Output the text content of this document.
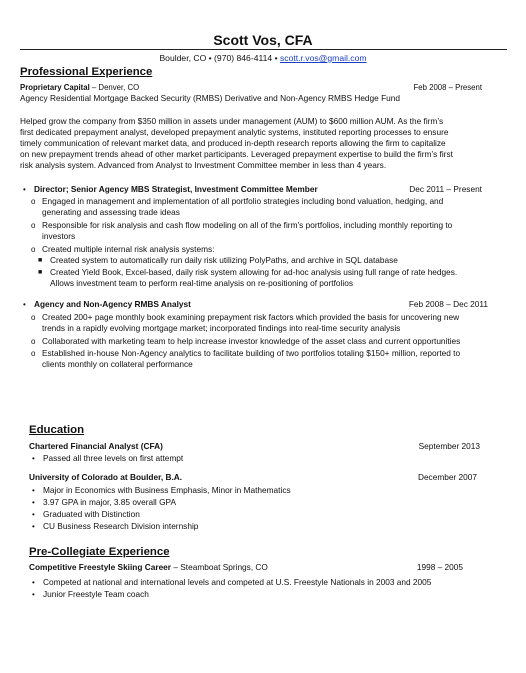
Scott Vos, CFA
Boulder, CO • (970) 846-4114 • scott.r.vos@gmail.com
Professional Experience
Proprietary Capital – Denver, CO	Feb 2008 – Present
Agency Residential Mortgage Backed Security (RMBS) Derivative and Non-Agency RMBS Hedge Fund
Helped grow the company from $350 million in assets under management (AUM) to $600 million AUM. As the firm’s
first dedicated prepayment analyst, developed prepayment analytic systems, instituted reporting processes to ensure
timely communication of relevant market data, and produced in-depth research reports allowing the firm to capitalize
on new prepayment trends ahead of other market participants. Leveraged prepayment expertise to build the firm’s first
risk analysis system. Advanced from Analyst to Investment Committee member in less than 4 years.
• Director; Senior Agency MBS Strategist, Investment Committee Member	Dec 2011 – Present
o Engaged in management and implementation of all portfolio strategies including bond valuation, hedging, and
generating and assessing trade ideas
o Responsible for risk analysis and cash flow modeling on all of the firm’s portfolios, including monthly reporting to
investors
o Created multiple internal risk analysis systems:
■ Created system to automatically run daily risk utilizing PolyPaths, and archive in SQL database
■ Created Yield Book, Excel-based, daily risk system allowing for ad-hoc analysis using full range of rate hedges.
Allows investment team to perform real-time analysis on re-positioning of portfolios
• Agency and Non-Agency RMBS Analyst	Feb 2008 – Dec 2011
o Created 200+ page monthly book examining prepayment risk factors which provided the basis for uncovering new
trends in a rapidly evolving mortgage market; incorporated findings into real-time security analysis
o Collaborated with marketing team to help increase investor knowledge of the asset class and current opportunities
o Established in-house Non-Agency analytics to facilitate building of two portfolios totaling $150+ million, reported to
clients monthly on collateral performance
Education
Chartered Financial Analyst (CFA)	September 2013
• Passed all three levels on first attempt
University of Colorado at Boulder, B.A.	December 2007
• Major in Economics with Business Emphasis, Minor in Mathematics
• 3.97 GPA in major, 3.85 overall GPA
• Graduated with Distinction
• CU Business Research Division internship
Pre-Collegiate Experience
Competitive Freestyle Skiing Career – Steamboat Springs, CO	1998 – 2005
• Competed at national and international levels and competed at U.S. Freestyle Nationals in 2003 and 2005
• Junior Freestyle Team coach
